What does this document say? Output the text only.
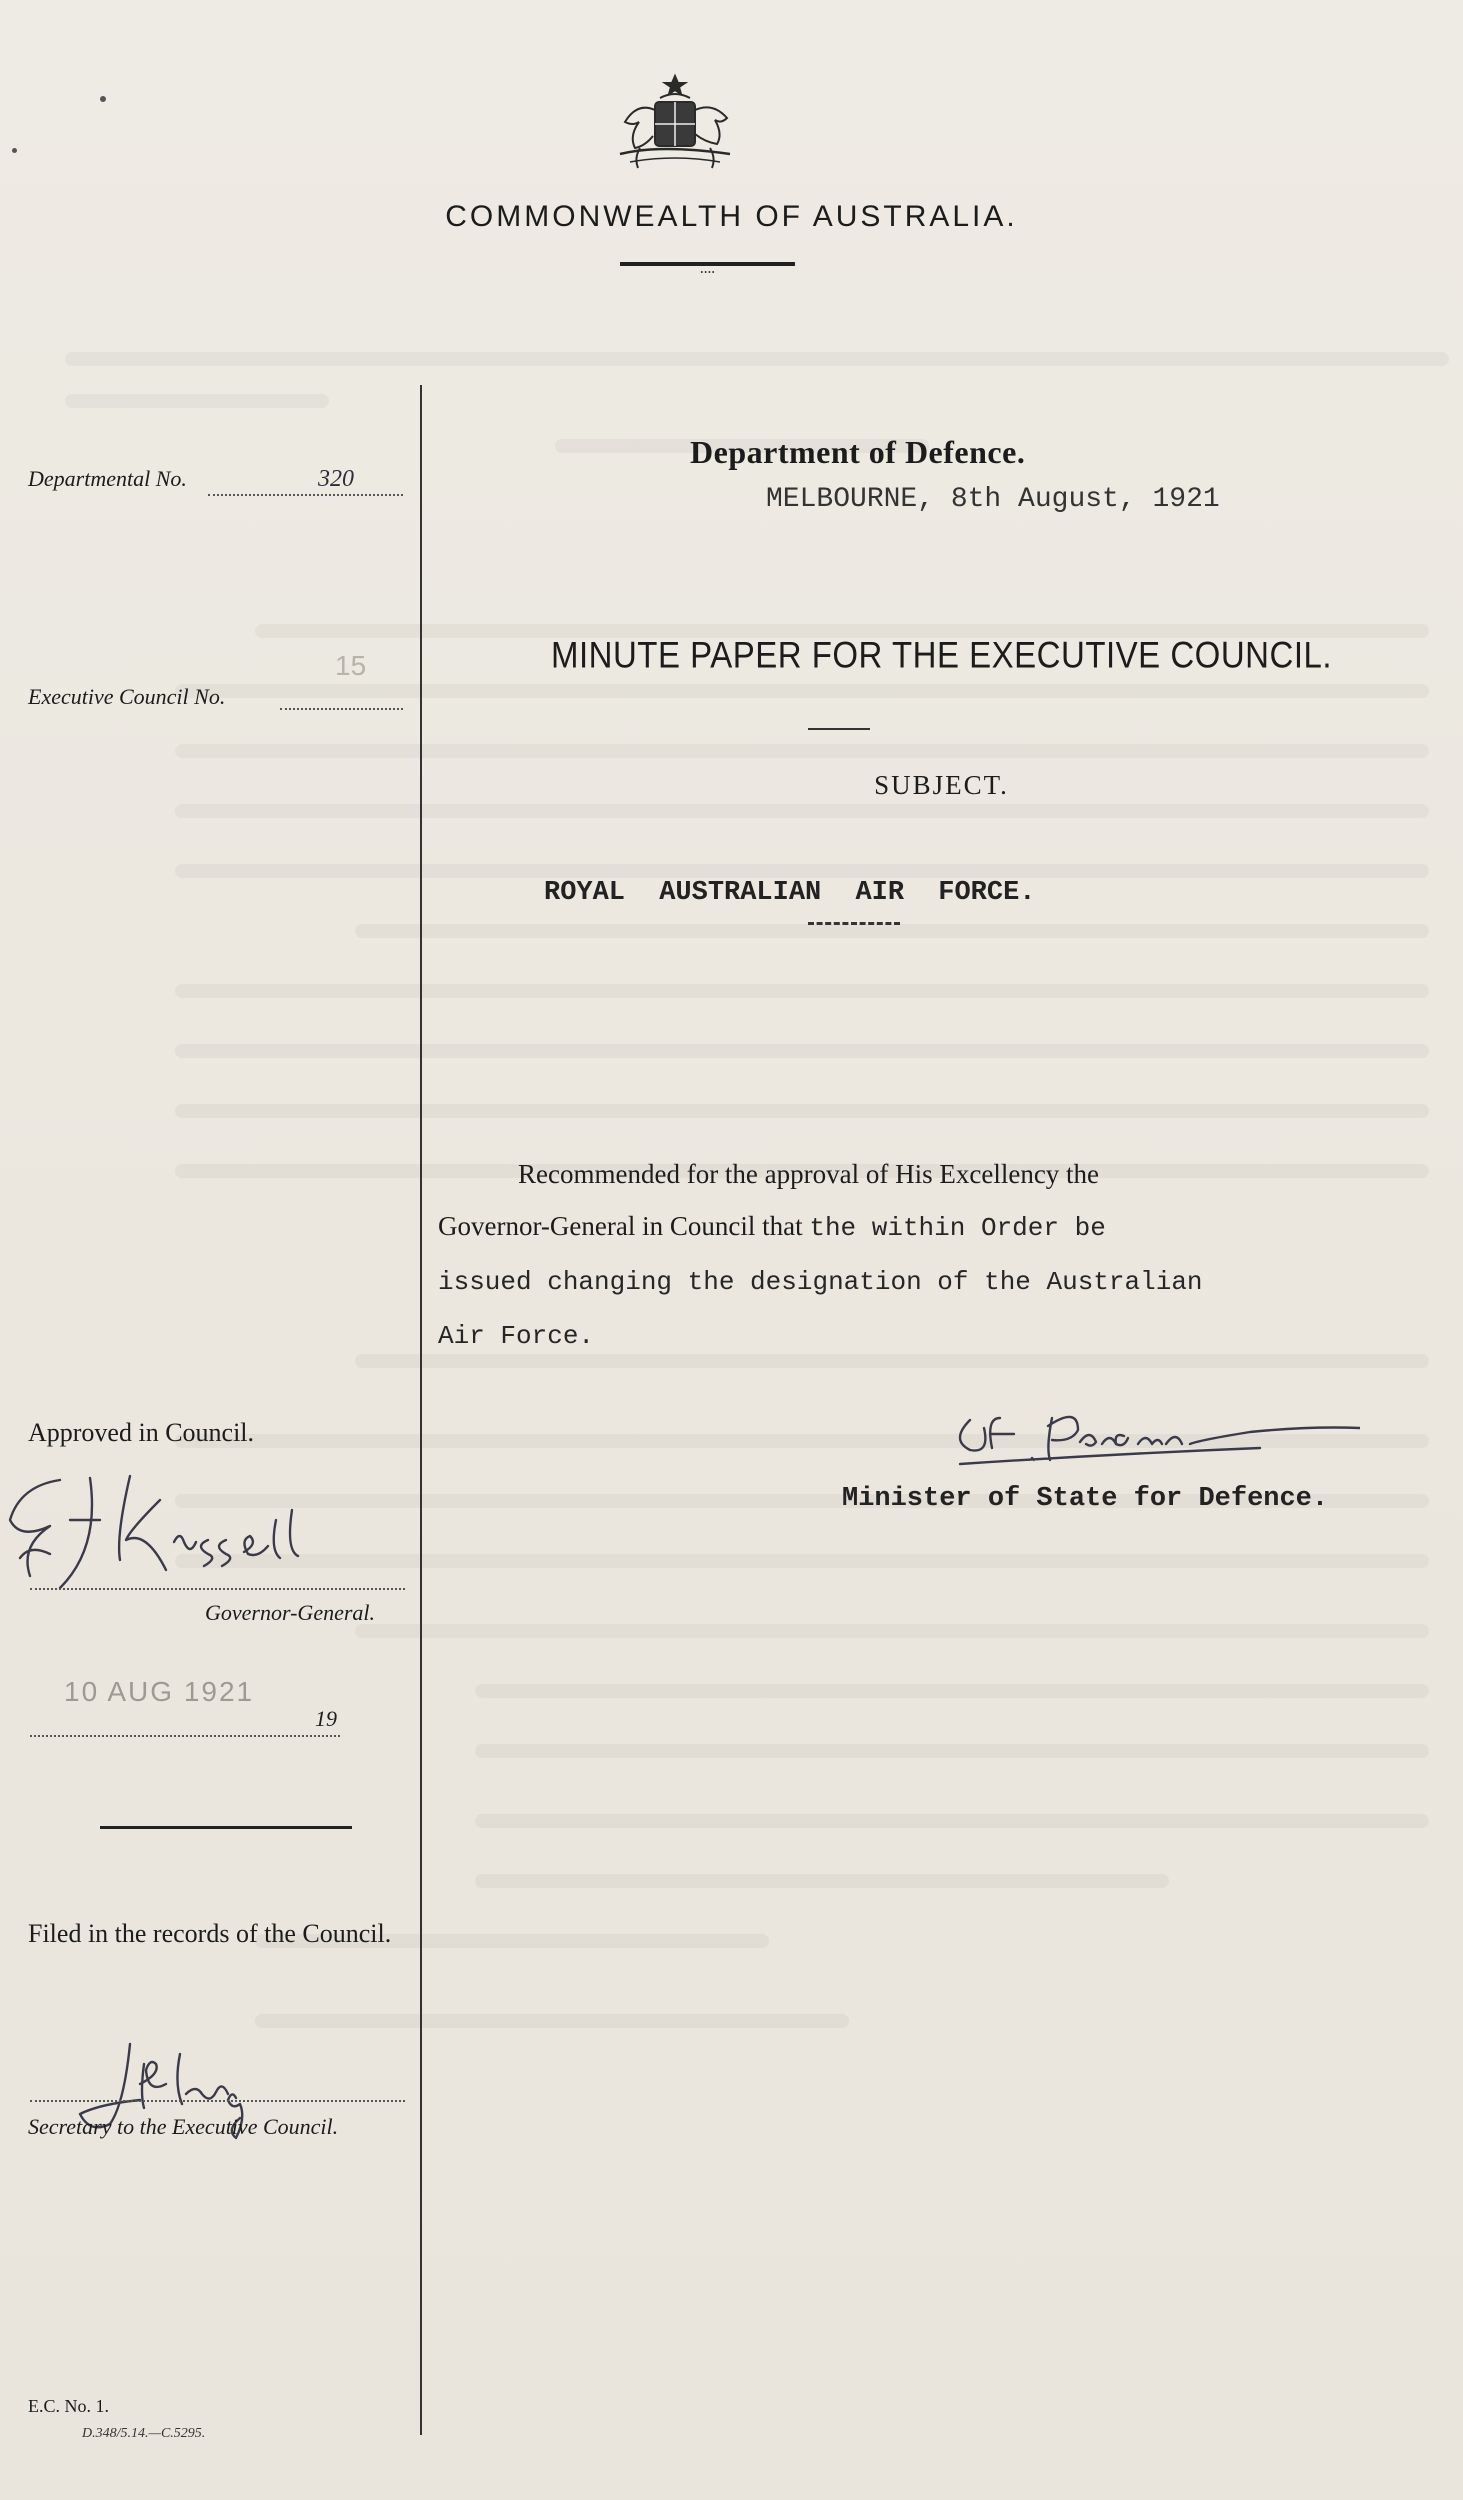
COMMONWEALTH OF AUSTRALIA.
••••
Departmental No.	320
15
Executive Council No.
Department of Defence.
MELBOURNE, 8th August, 1921
MINUTE PAPER FOR THE EXECUTIVE COUNCIL.
SUBJECT.
ROYAL AUSTRALIAN AIR FORCE.
Recommended for the approval of His Excellency the
Governor-General in Council that the within Order be
issued changing the designation of the Australian
Air Force.
Minister of State for Defence.
Approved in Council.
Governor-General.
10 AUG 1921
19
Filed in the records of the Council.
Secretary to the Executive Council.
E.C. No. 1.
D.348/5.14.—C.5295.
